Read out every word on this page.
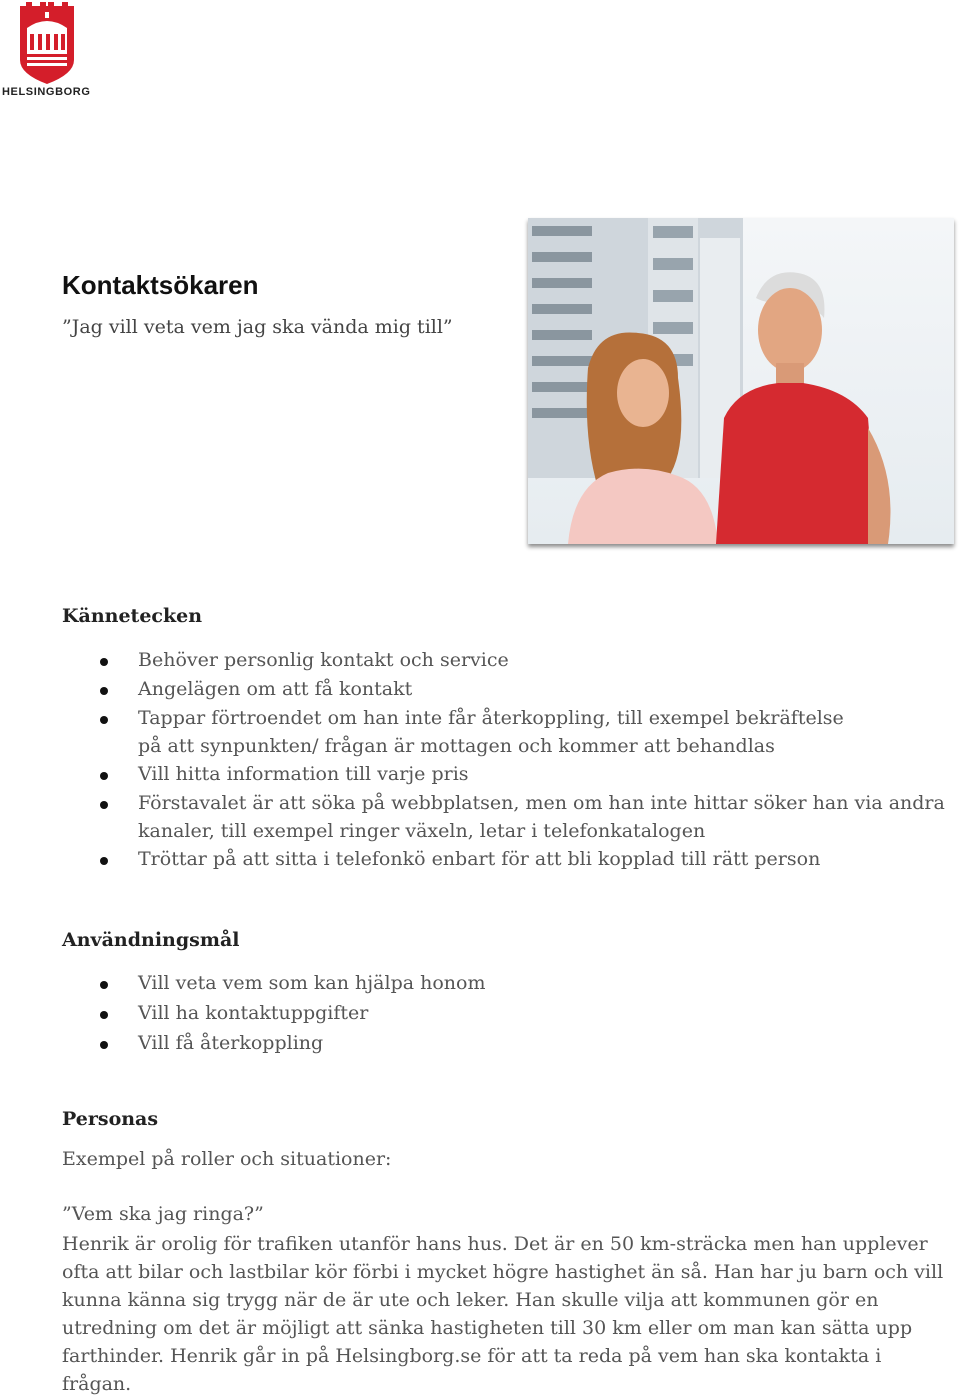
HELSINGBORG
Kontaktsökaren

”Jag vill veta vem jag ska vända mig till”

Kännetecken
Behöver personlig kontakt och service
Angelägen om att få kontakt
Tappar förtroendet om han inte får återkoppling, till exempel bekräftelse på att synpunkten/ frågan är mottagen och kommer att behandlas
Vill hitta information till varje pris
Förstavalet är att söka på webbplatsen, men om han inte hittar söker han via andra kanaler, till exempel ringer växeln, letar i telefonkatalogen
Tröttar på att sitta i telefonkö enbart för att bli kopplad till rätt person
Användningsmål
Vill veta vem som kan hjälpa honom
Vill ha kontaktuppgifter
Vill få återkoppling
Personas

Exempel på roller och situationer:

”Vem ska jag ringa?”

Henrik är orolig för trafiken utanför hans hus. Det är en 50 km-sträcka men han upplever ofta att bilar och lastbilar kör förbi i mycket högre hastighet än så. Han har ju barn och vill kunna känna sig trygg när de är ute och leker. Han skulle vilja att kommunen gör en utredning om det är möjligt att sänka hastigheten till 30 km eller om man kan sätta upp farthinder. Henrik går in på Helsingborg.se för att ta reda på vem han ska kontakta i frågan.
